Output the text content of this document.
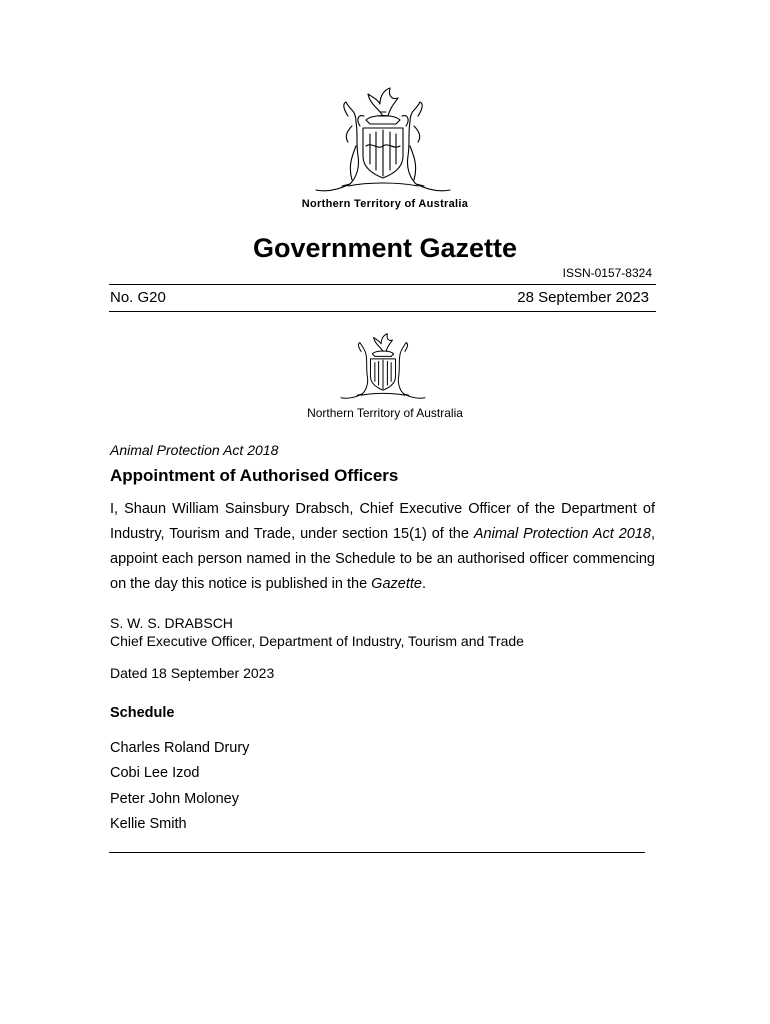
Northern Territory of Australia
Government Gazette
ISSN-0157-8324
No. G20	28 September 2023
Northern Territory of Australia
Animal Protection Act 2018
Appointment of Authorised Officers
I, Shaun William Sainsbury Drabsch, Chief Executive Officer of the Department of Industry, Tourism and Trade, under section 15(1) of the Animal Protection Act 2018, appoint each person named in the Schedule to be an authorised officer commencing on the day this notice is published in the Gazette.
S. W. S. DRABSCH
Chief Executive Officer, Department of Industry, Tourism and Trade
Dated 18 September 2023
Schedule
Charles Roland Drury
Cobi Lee Izod
Peter John Moloney
Kellie Smith
